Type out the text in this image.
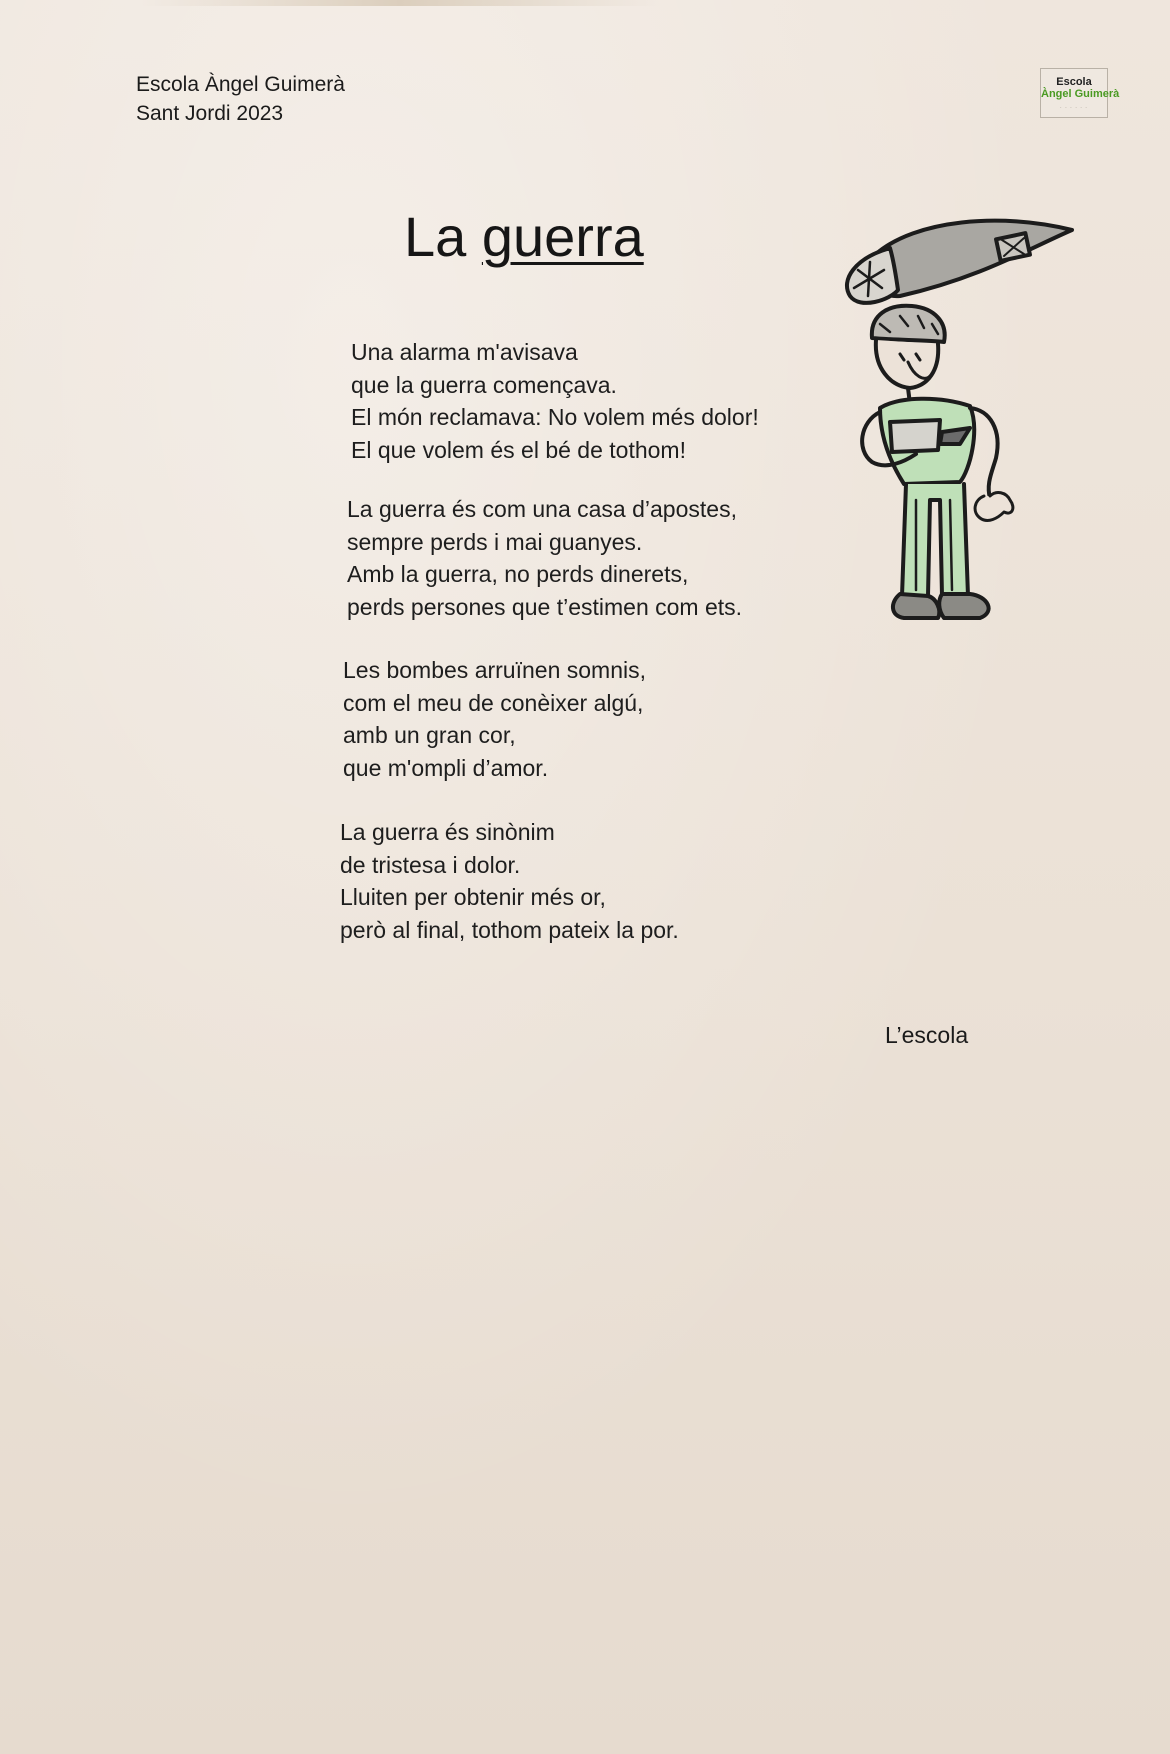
Escola Àngel Guimerà
Sant Jordi 2023
Escola
Àngel Guimerà
· · · · · ·
La guerra
Una alarma m'avisava
que la guerra començava.
El món reclamava: No volem més dolor!
El que volem és el bé de tothom!
La guerra és com una casa d’apostes,
sempre perds i mai guanyes.
Amb la guerra, no perds dinerets,
perds persones que t’estimen com ets.
Les bombes arruïnen somnis,
com el meu de conèixer algú,
amb un gran cor,
que m'ompli d’amor.
La guerra és sinònim
de tristesa i dolor.
Lluiten per obtenir més or,
però al final, tothom pateix la por.
L’escola
